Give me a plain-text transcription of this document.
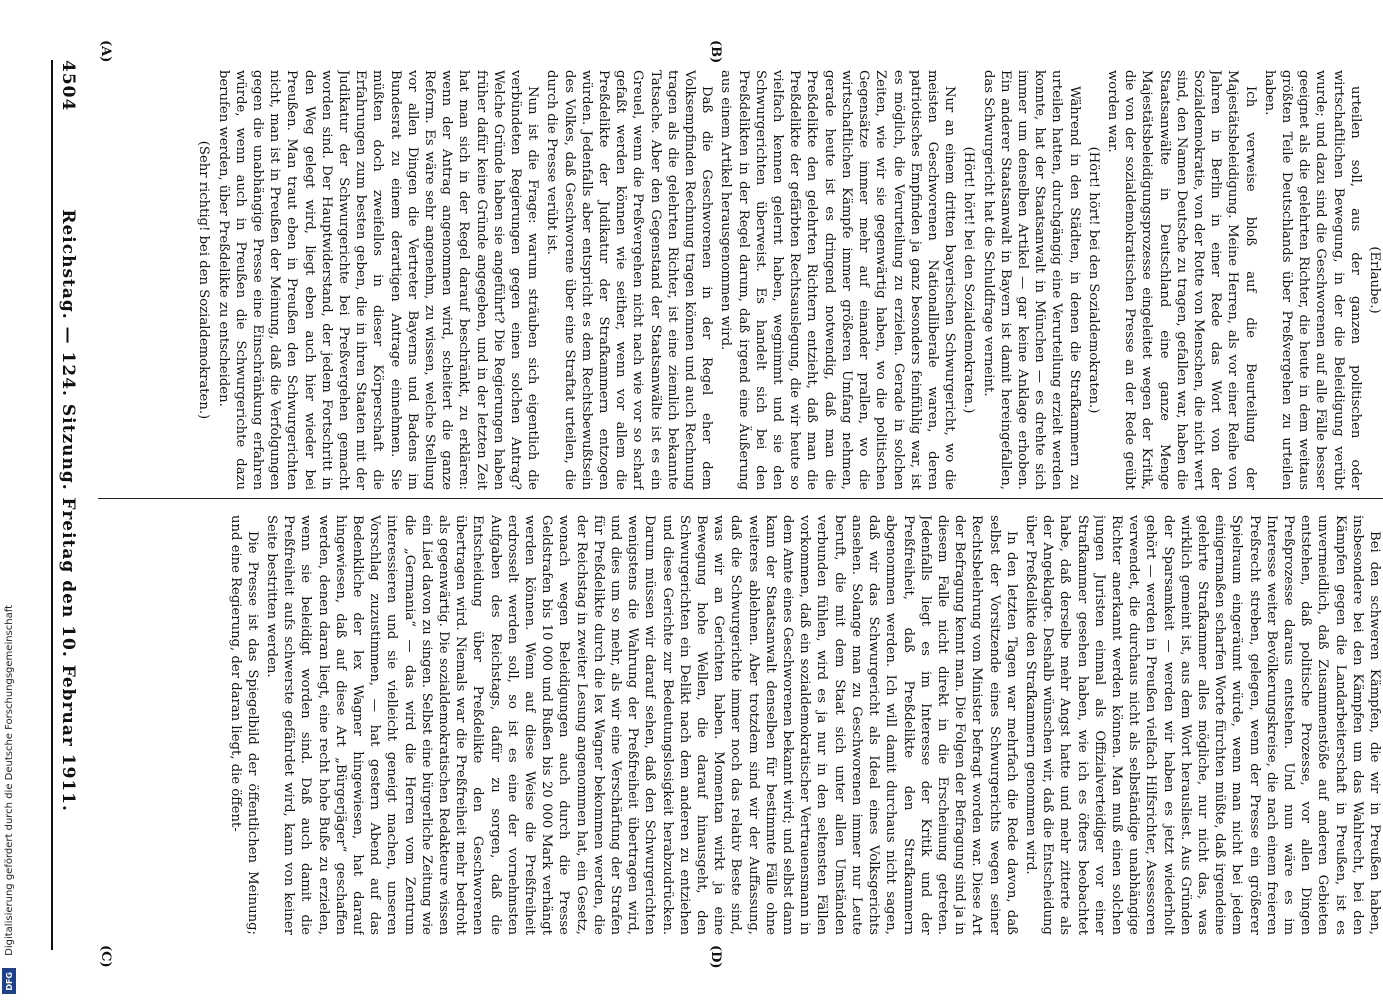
(Erlaube.)

urteilen soll, aus der ganzen politischen oder wirtschaftlichen Bewegung, in der die Beleidigung verübt wurde; und dazu sind die Geschworenen auf alle Fälle besser geeignet als die gelehrten Richter, die heute in dem weitaus größten Teile Deutschlands über Preßvergehen zu urteilen haben.

Ich verweise bloß auf die Beurteilung der Majestätsbeleidigung. Meine Herren, als vor einer Reihe von Jahren in Berlin in einer Rede das Wort von der Sozialdemokratie, von der Rotte von Menschen, die nicht wert sind, den Namen Deutsche zu tragen, gefallen war, haben die Staatsanwälte in Deutschland eine ganze Menge Majestätsbeleidigungsprozesse eingeleitet wegen der Kritik, die von der sozialdemokratischen Presse an der Rede geübt worden war.

(Hört! hört! bei den Sozialdemokraten.)

Während in den Städten, in denen die Strafkammern zu urteilen hatten, durchgängig eine Verurteilung erzielt werden konnte, hat der Staatsanwalt in München — es drehte sich immer um denselben Artikel — gar keine Anklage erhoben. Ein anderer Staatsanwalt in Bayern ist damit hereingefallen, das Schwurgericht hat die Schuldfrage verneint.

(Hört! hört! bei den Sozialdemokraten.)

Nur an einem dritten bayerischen Schwurgericht, wo die meisten Geschworenen Nationalliberale waren, deren patriotisches Empfinden ja ganz besonders feinfühlig war, ist es möglich, die Verurteilung zu erzielen. Gerade in solchen Zeiten, wie wir sie gegenwärtig haben, wo die politischen Gegensätze immer mehr auf einander prallen, wo die wirtschaftlichen Kämpfe immer größeren Umfang nehmen, gerade heute ist es dringend notwendig, daß man die Preßdelikte den gelehrten Richtern entzieht, daß man die Preßdelikte der gefärbten Rechtsauslegung, die wir heute so vielfach kennen gelernt haben, wegnimmt und sie den Schwurgerichten überweist. Es handelt sich bei den Preßdelikten in der Regel darum, daß irgend eine Äußerung aus einem Artikel herausgenommen wird.

Daß die Geschworenen in der Regel eher dem Volksempfinden Rechnung tragen können und auch Rechnung tragen als die gelehrten Richter, ist eine ziemlich bekannte Tatsache. Aber den Gegenstand der Staatsanwälte ist es ein Greuel, wenn die Preßvergehen nicht nach wie vor so scharf gefaßt werden können wie seither, wenn vor allem die Preßdelikte der Judikatur der Strafkammern entzogen würden. Jedenfalls aber entspricht es dem Rechtsbewußtsein des Volkes, daß Geschworene über eine Straftat urteilen, die durch die Presse verübt ist.

Nun ist die Frage: warum sträuben sich eigentlich die verbündeten Regierungen gegen einen solchen Antrag? Welche Gründe haben sie angeführt? Die Regierungen haben früher dafür keine Gründe angegeben, und in der letzten Zeit hat man sich in der Regel darauf beschränkt, zu erklären: wenn der Antrag angenommen wird, scheitert die ganze Reform. Es wäre sehr angenehm, zu wissen, welche Stellung vor allen Dingen die Vertreter Bayerns und Badens im Bundesrat zu einem derartigen Antrage einnehmen. Sie müßten doch zweifellos in dieser Körperschaft die Erfahrungen zum besten geben, die in ihren Staaten mit der Judikatur der Schwurgerichte bei Preßvergehen gemacht worden sind. Der Hauptwiderstand, der jedem Fortschritt in den Weg gelegt wird, liegt eben auch hier wieder bei Preußen. Man traut eben in Preußen den Schwurgerichten nicht, man ist in Preußen der Meinung, daß die Verfolgungen gegen die unabhängige Presse eine Einschränkung erfahren würde, wenn auch in Preußen die Schwurgerichte dazu berufen werden, über Preßdelikte zu entscheiden.

(Sehr richtig! bei den Sozialdemokraten.)

Bei den schweren Kämpfen, die wir in Preußen haben, insbesondere bei den Kämpfen um das Wahlrecht, bei den Kämpfen gegen die Landarbeiterschaft in Preußen, ist es unvermeidlich, daß Zusammenstöße auf anderen Gebieten entstehen, daß politische Prozesse, vor allen Dingen Preßprozesse daraus entstehen. Und nun wäre es im Interesse weiter Bevölkerungskreise, die nach einem freieren Preßrecht streben, gelegen, wenn der Presse ein größerer Spielraum eingeräumt würde, wenn man nicht bei jedem einigermaßen scharfen Worte fürchten müßte, daß irgendeine gelehrte Strafkammer alles mögliche, nur nicht das, was wirklich gemeint ist, aus dem Wort herausliest. Aus Gründen der Sparsamkeit — werden wir haben es jetzt wiederholt gehört — werden in Preußen vielfach Hilfsrichter, Assessoren verwendet, die durchaus nicht als selbständige unabhängige Richter anerkannt werden können. Man muß einen solchen jungen Juristen einmal als Offizialverteidiger vor einer Strafkammer gesehen haben, wie ich es öfters beobachtet habe, daß derselbe mehr Angst hatte und mehr zitterte als der Angeklagte. Deshalb wünschen wir, daß die Entscheidung über Preßdelikte den Strafkammern genommen wird.

In den letzten Tagen war mehrfach die Rede davon, daß selbst der Vorsitzende eines Schwurgerichts wegen seiner Rechtsbelehrung vom Minister befragt worden war. Diese Art der Befragung kennt man. Die Folgen der Befragung sind ja in diesem Falle nicht direkt in die Erscheinung getreten. Jedenfalls liegt es im Interesse der Kritik und der Preßfreiheit, daß Preßdelikte den Strafkammern abgenommen werden. Ich will damit durchaus nicht sagen, daß wir das Schwurgericht als Ideal eines Volksgerichts ansehen. Solange man zu Geschworenen immer nur Leute beruft, die mit dem Staat sich unter allen Umständen verbunden fühlen, wird es ja nur in den seltensten Fällen vorkommen, daß ein sozialdemokratischer Vertrauensmann in dem Amte eines Geschworenen bekannt wird; und selbst dann kann der Staatsanwalt denselben für bestimmte Fälle ohne weiteres ablehnen. Aber trotzdem sind wir der Auffassung, daß die Schwurgerichte immer noch das relativ Beste sind, was wir an Gerichten haben. Momentan wirkt ja eine Bewegung hohe Wellen, die darauf hinausgeht, den Schwurgerichten ein Delikt nach dem anderen zu entziehen und diese Gerichte zur Bedeutungslosigkeit herabzudrücken. Darum müssen wir darauf sehen, daß den Schwurgerichten wenigstens die Wahrung der Preßfreiheit übertragen wird, und dies um so mehr, als wir eine Verschärfung der Strafen für Preßdelikte durch die lex Wagner bekommen werden, die der Reichstag in zweiter Lesung angenommen hat, ein Gesetz, wonach wegen Beleidigungen auch durch die Presse Geldstrafen bis 10 000 und Bußen bis 20 000 Mark verhängt werden können. Wenn auf diese Weise die Preßfreiheit erdrosselt werden soll, so ist es eine der vornehmsten Aufgaben des Reichstags, dafür zu sorgen, daß die Entscheidung über Preßdelikte den Geschworenen übertragen wird. Niemals war die Preßfreiheit mehr bedroht als gegenwärtig. Die sozialdemokratischen Redakteure wissen ein Lied davon zu singen. Selbst eine bürgerliche Zeitung wie die „Germania“ — das wird die Herren vom Zentrum interessieren und sie vielleicht geneigt machen, unseren Vorschlag zuzustimmen, — hat gestern Abend auf das Bedenkliche der lex Wagner hingewiesen, hat darauf hingewiesen, daß auf diese Art „Bürgerjäger“ geschaffen werden, denen daran liegt, eine recht hohe Buße zu erzielen, wenn sie beleidigt worden sind. Daß auch damit die Preßfreiheit aufs schwerste gefährdet wird, kann von keiner Seite bestritten werden.

Die Presse ist das Spiegelbild der öffentlichen Meinung; und eine Regierung, der daran liegt, die öffent-

(A)	(B)
(C)	(D)
4504
Reichstag. — 124. Sitzung. Freitag den 10. Februar 1911.
Digitalisierung gefördert durch die Deutsche Forschungsgemeinschaft
DFG
